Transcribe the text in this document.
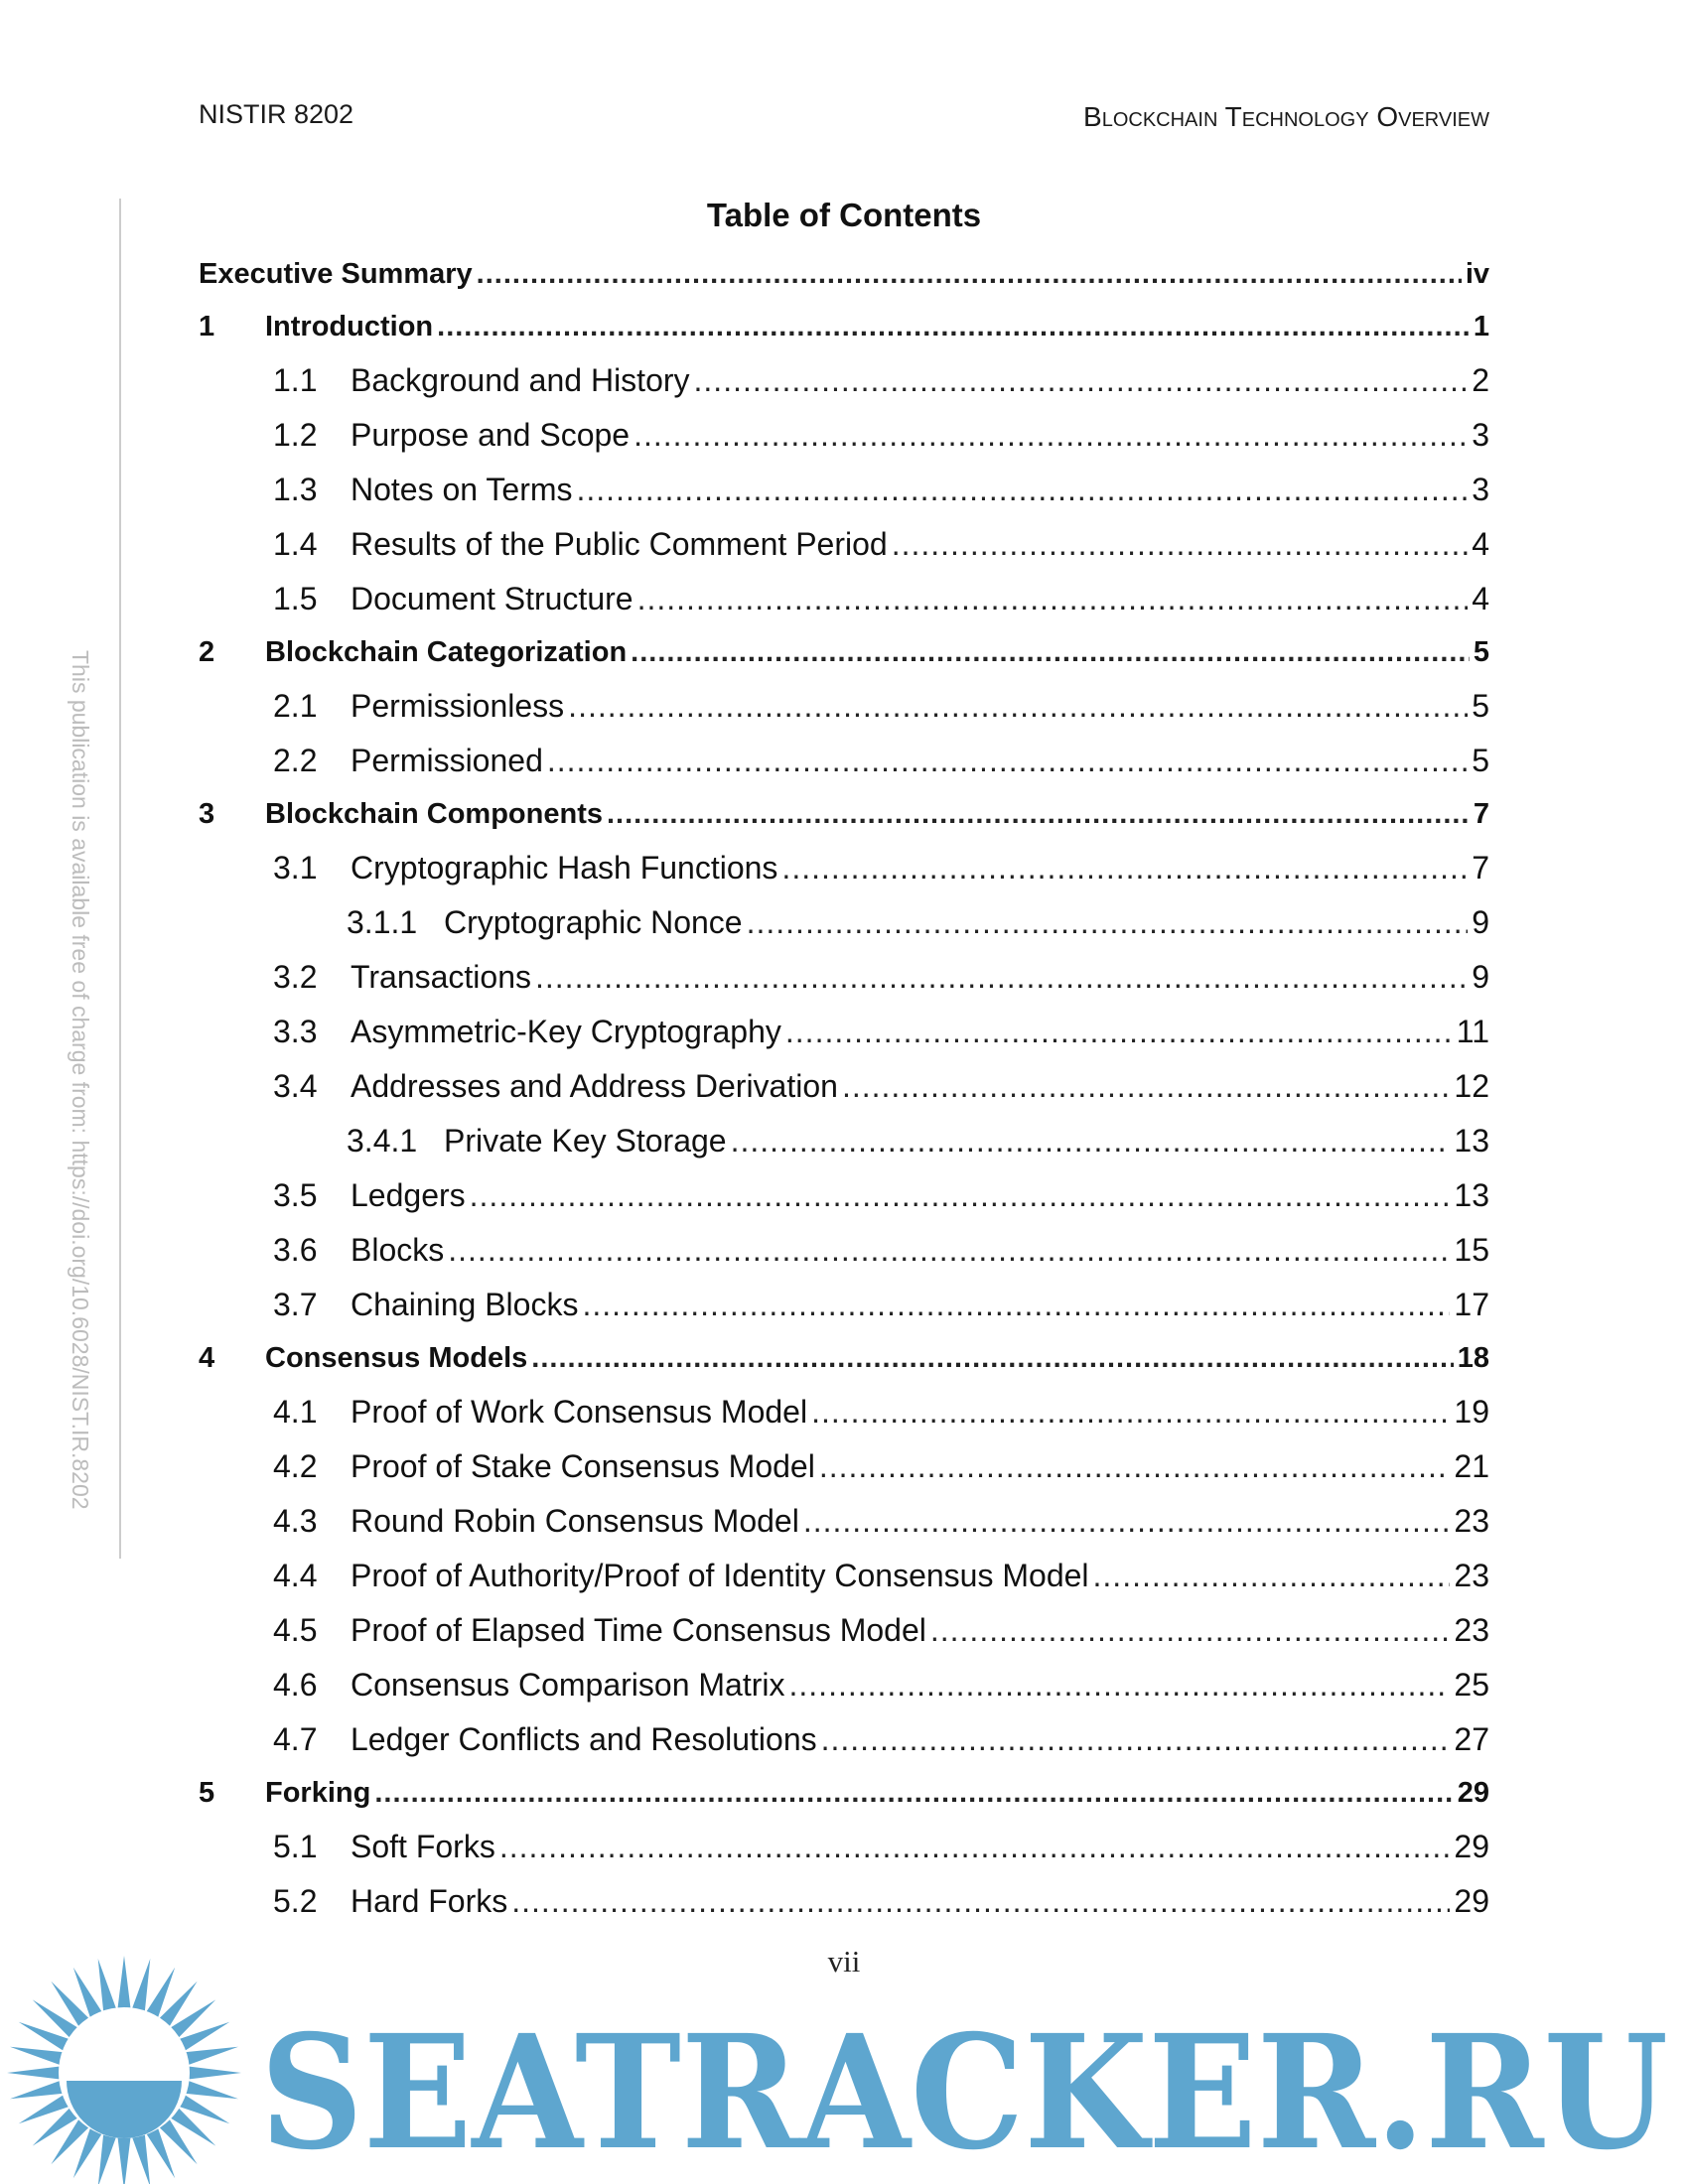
NISTIR 8202	Blockchain Technology Overview
This publication is available free of charge from: https://doi.org/10.6028/NIST.IR.8202
Table of Contents
Executive Summary .....	iv
1	Introduction .....	1
1.1	Background and History .....	2
1.2	Purpose and Scope .....	3
1.3	Notes on Terms .....	3
1.4	Results of the Public Comment Period .....	4
1.5	Document Structure .....	4
2	Blockchain Categorization .....	5
2.1	Permissionless .....	5
2.2	Permissioned .....	5
3	Blockchain Components .....	7
3.1	Cryptographic Hash Functions .....	7
3.1.1 Cryptographic Nonce .....	9
3.2	Transactions .....	9
3.3	Asymmetric-Key Cryptography .....	11
3.4	Addresses and Address Derivation .....	12
3.4.1 Private Key Storage .....	13
3.5	Ledgers .....	13
3.6	Blocks .....	15
3.7	Chaining Blocks .....	17
4	Consensus Models .....	18
4.1	Proof of Work Consensus Model .....	19
4.2	Proof of Stake Consensus Model .....	21
4.3	Round Robin Consensus Model .....	23
4.4	Proof of Authority/Proof of Identity Consensus Model .....	23
4.5	Proof of Elapsed Time Consensus Model .....	23
4.6	Consensus Comparison Matrix .....	25
4.7	Ledger Conflicts and Resolutions .....	27
5	Forking .....	29
5.1	Soft Forks .....	29
5.2	Hard Forks .....	29
vii
SEATRACKER.RU
